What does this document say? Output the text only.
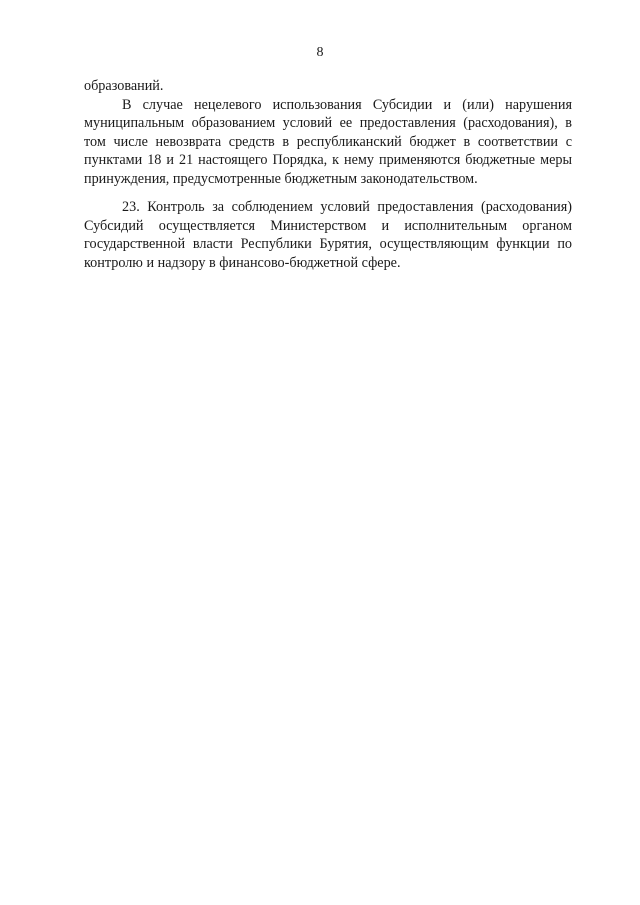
8

образований.

В случае нецелевого использования Субсидии и (или) нарушения муниципальным образованием условий ее предоставления (расходования), в том числе невозврата средств в республиканский бюджет в соответствии с пунктами 18 и 21 настоящего Порядка, к нему применяются бюджетные меры принуждения, предусмотренные бюджетным законодательством.

23. Контроль за соблюдением условий предоставления (расходования) Субсидий осуществляется Министерством и исполнительным органом государственной власти Республики Бурятия, осуществляющим функции по контролю и надзору в финансово-бюджетной сфере.
